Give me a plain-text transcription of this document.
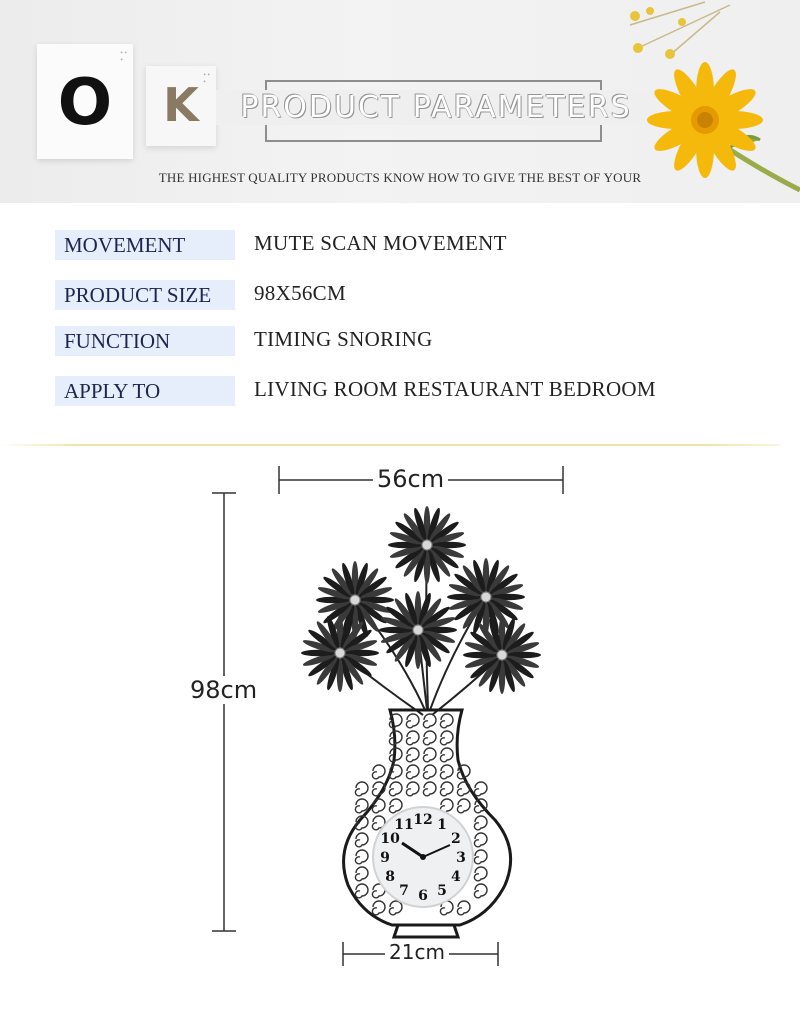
• •
•
O	• •
•
K	PRODUCT PARAMETERS
THE HIGHEST QUALITY PRODUCTS KNOW HOW TO GIVE THE BEST OF YOUR
MOVEMENT	MUTE SCAN MOVEMENT
PRODUCT SIZE	98X56CM
FUNCTION	TIMING SNORING
APPLY TO	LIVING ROOM RESTAURANT BEDROOM
56cm
98cm
21cm
12 1
2
3
4
5
6
7
8
9
10
11
